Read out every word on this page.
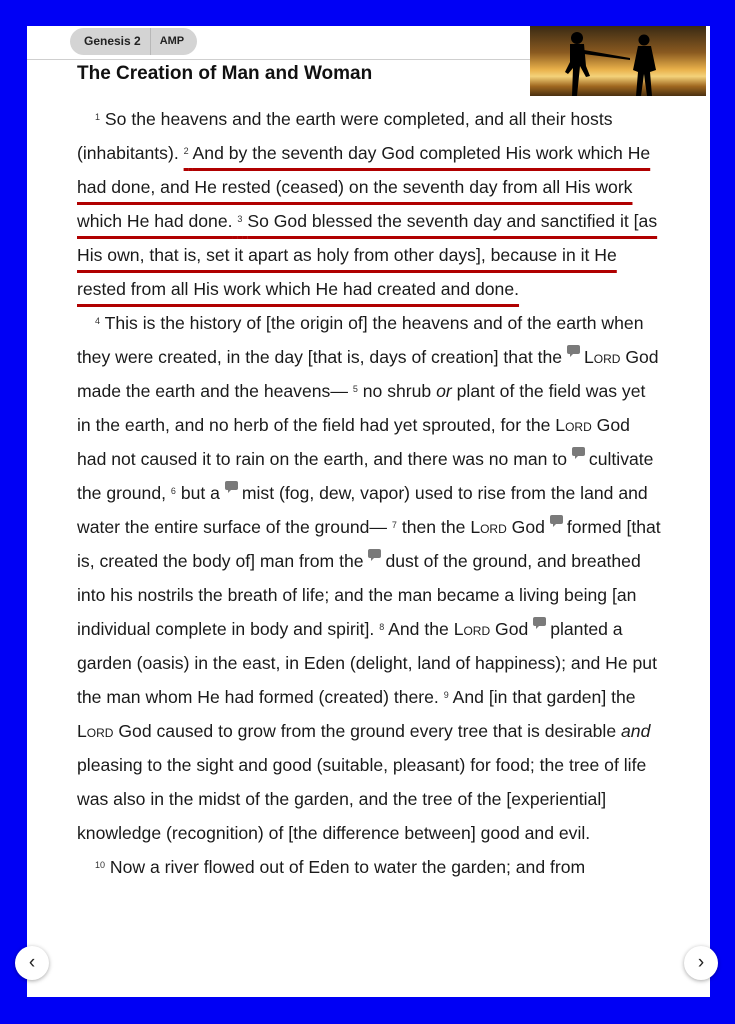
Genesis 2	AMP
The Creation of Man and Woman

$^1$ So the heavens and the earth were completed, and all their hosts (inhabitants). $^2$ And by the seventh day God completed His work which He had done, and He rested (ceased) on the seventh day from all His work which He had done. $^3$ So God blessed the seventh day and sanctified it [as His own, that is, set it apart as holy from other days], because in it He rested from all His work which He had created and done.

$^4$ This is the history of [the origin of] the heavens and of the earth when they were created, in the day [that is, days of creation] that the Lord God made the earth and the heavens— $^5$ no shrub or plant of the field was yet in the earth, and no herb of the field had yet sprouted, for the Lord God had not caused it to rain on the earth, and there was no man to cultivate the ground, $^6$ but a mist (fog, dew, vapor) used to rise from the land and water the entire surface of the ground— $^7$ then the Lord God formed [that is, created the body of] man from the dust of the ground, and breathed into his nostrils the breath of life; and the man became a living being [an individual complete in body and spirit]. $^8$ And the Lord God planted a garden (oasis) in the east, in Eden (delight, land of happiness); and He put the man whom He had formed (created) there. $^9$ And [in that garden] the Lord God caused to grow from the ground every tree that is desirable and pleasing to the sight and good (suitable, pleasant) for food; the tree of life was also in the midst of the garden, and the tree of the [experiential] knowledge (recognition) of [the difference between] good and evil.

$^{10}$ Now a river flowed out of Eden to water the garden; and from

‹	›
